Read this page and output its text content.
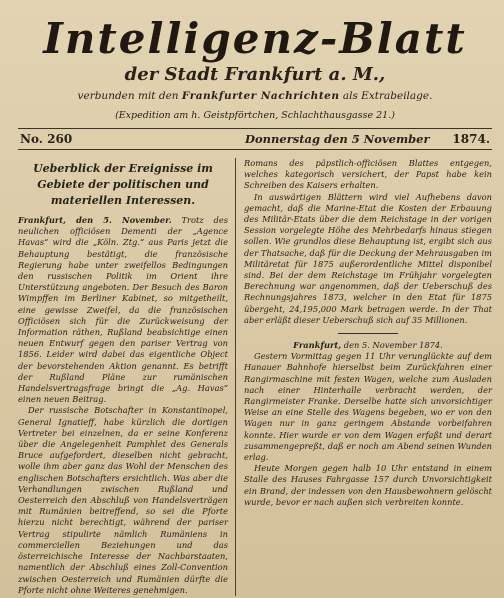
Intelligenz-Blatt
der Stadt Frankfurt a. M.,
verbunden mit den Frankfurter Nachrichten als Extrabeilage.
(Expedition am h. Geistpförtchen, Schlachthausgasse 21.)
No. 260	Donnerstag den 5 November 1874.
Ueberblick der Ereignisse im Gebiete der politischen und materiellen Interessen.

Frankfurt, den 5. November. Trotz des neulichen officiösen Dementi der „Agence Havas“ wird die „Köln. Ztg.“ aus Paris jetzt die Behauptung bestätigt, die französische Regierung habe unter zweifellos Bedingungen den russischen Politik im Orient ihre Unterstützung angeboten. Der Besuch des Baron Wimpffen im Berliner Kabinet, so mitgetheilt, eine gewisse Zweifel, da die französischen Officiösen sich für die Zurückweisung der Information räthen, Rußland beabsichtige einen neuen Entwurf gegen den pariser Vertrag von 1856. Leider wird dabei das eigentliche Object der bevorstehenden Aktion genannt. Es betrifft der Rußland Pläne zur rumänischen Handelsvertragsfrage bringt die „Ag. Havas“ einen neuen Beitrag.

Der russische Botschafter in Konstantinopel, General Ignatieff, habe kürzlich die dortigen Vertreter bei einzelnen, da er seine Konferenz über die Angelegenheit Pamphlet des Generals Bruce aufgefordert, dieselben nicht gebracht, wolle ihm aber ganz das Wohl der Menschen des englischen Botschafters ersichtlich. Was aber die Verhandlungen zwischen Rußland und Oesterreich den Abschluß von Handelsverträgen mit Rumänien beitreffend, so sei die Pforte hierzu nicht berechtigt, während der pariser Vertrag stipulirte nämlich Rumäniens in commerciellen Beziehungen und das österreichische Interesse der Nachbarstaaten, namentlich der Abschluß eines Zoll-Convention zwischen Oesterreich und Rumänien dürfte die Pforte nicht ohne Weiteres genehmigen.

Romans des päpstlich-officiösen Blattes entgegen, welches kategorisch versichert, der Papst habe kein Schreiben des Kaisers erhalten.

In auswärtigen Blättern wird viel Aufhebens davon gemacht, daß die Marine-Etat die Kosten der Erbauung des Militär-Etats über die dem Reichstage in der vorigen Session vorgelegte Höhe des Mehrbedarfs hinaus stiegen sollen. Wie grundlos diese Behauptung ist, ergibt sich aus der Thatsache, daß für die Deckung der Mehrausgaben im Militäretat für 1875 außerordentliche Mittel disponibel sind. Bei der dem Reichstage im Frühjahr vorgelegten Berechnung war angenommen, daß der Ueberschuß des Rechnungsjahres 1873, welcher in den Etat für 1875 übergeht, 24,195,000 Mark betragen werde. In der That aber erläßt dieser Ueberschuß sich auf 35 Millionen.

Frankfurt, den 5. November 1874.

Gestern Vormittag gegen 11 Uhr verunglückte auf dem Hanauer Bahnhofe hierselbst beim Zurückfahren einer Rangirmaschine mit festen Wagen, welche zum Ausladen nach einer Hinterhalle verbracht werden, der Rangirmeister Franke. Derselbe hatte sich unvorsichtiger Weise an eine Stelle des Wagens begeben, wo er von den Wagen nur in ganz geringem Abstande vorbeifahren konnte. Hier wurde er von dem Wagen erfaßt und derart zusammengepreßt, daß er noch am Abend seinen Wunden erlag.

Heute Morgen gegen halb 10 Uhr entstand in einem Stalle des Hauses Fahrgasse 157 durch Unvorsichtigkeit ein Brand, der indessen von den Hausbewohnern gelöscht wurde, bevor er nach außen sich verbreiten konnte.
